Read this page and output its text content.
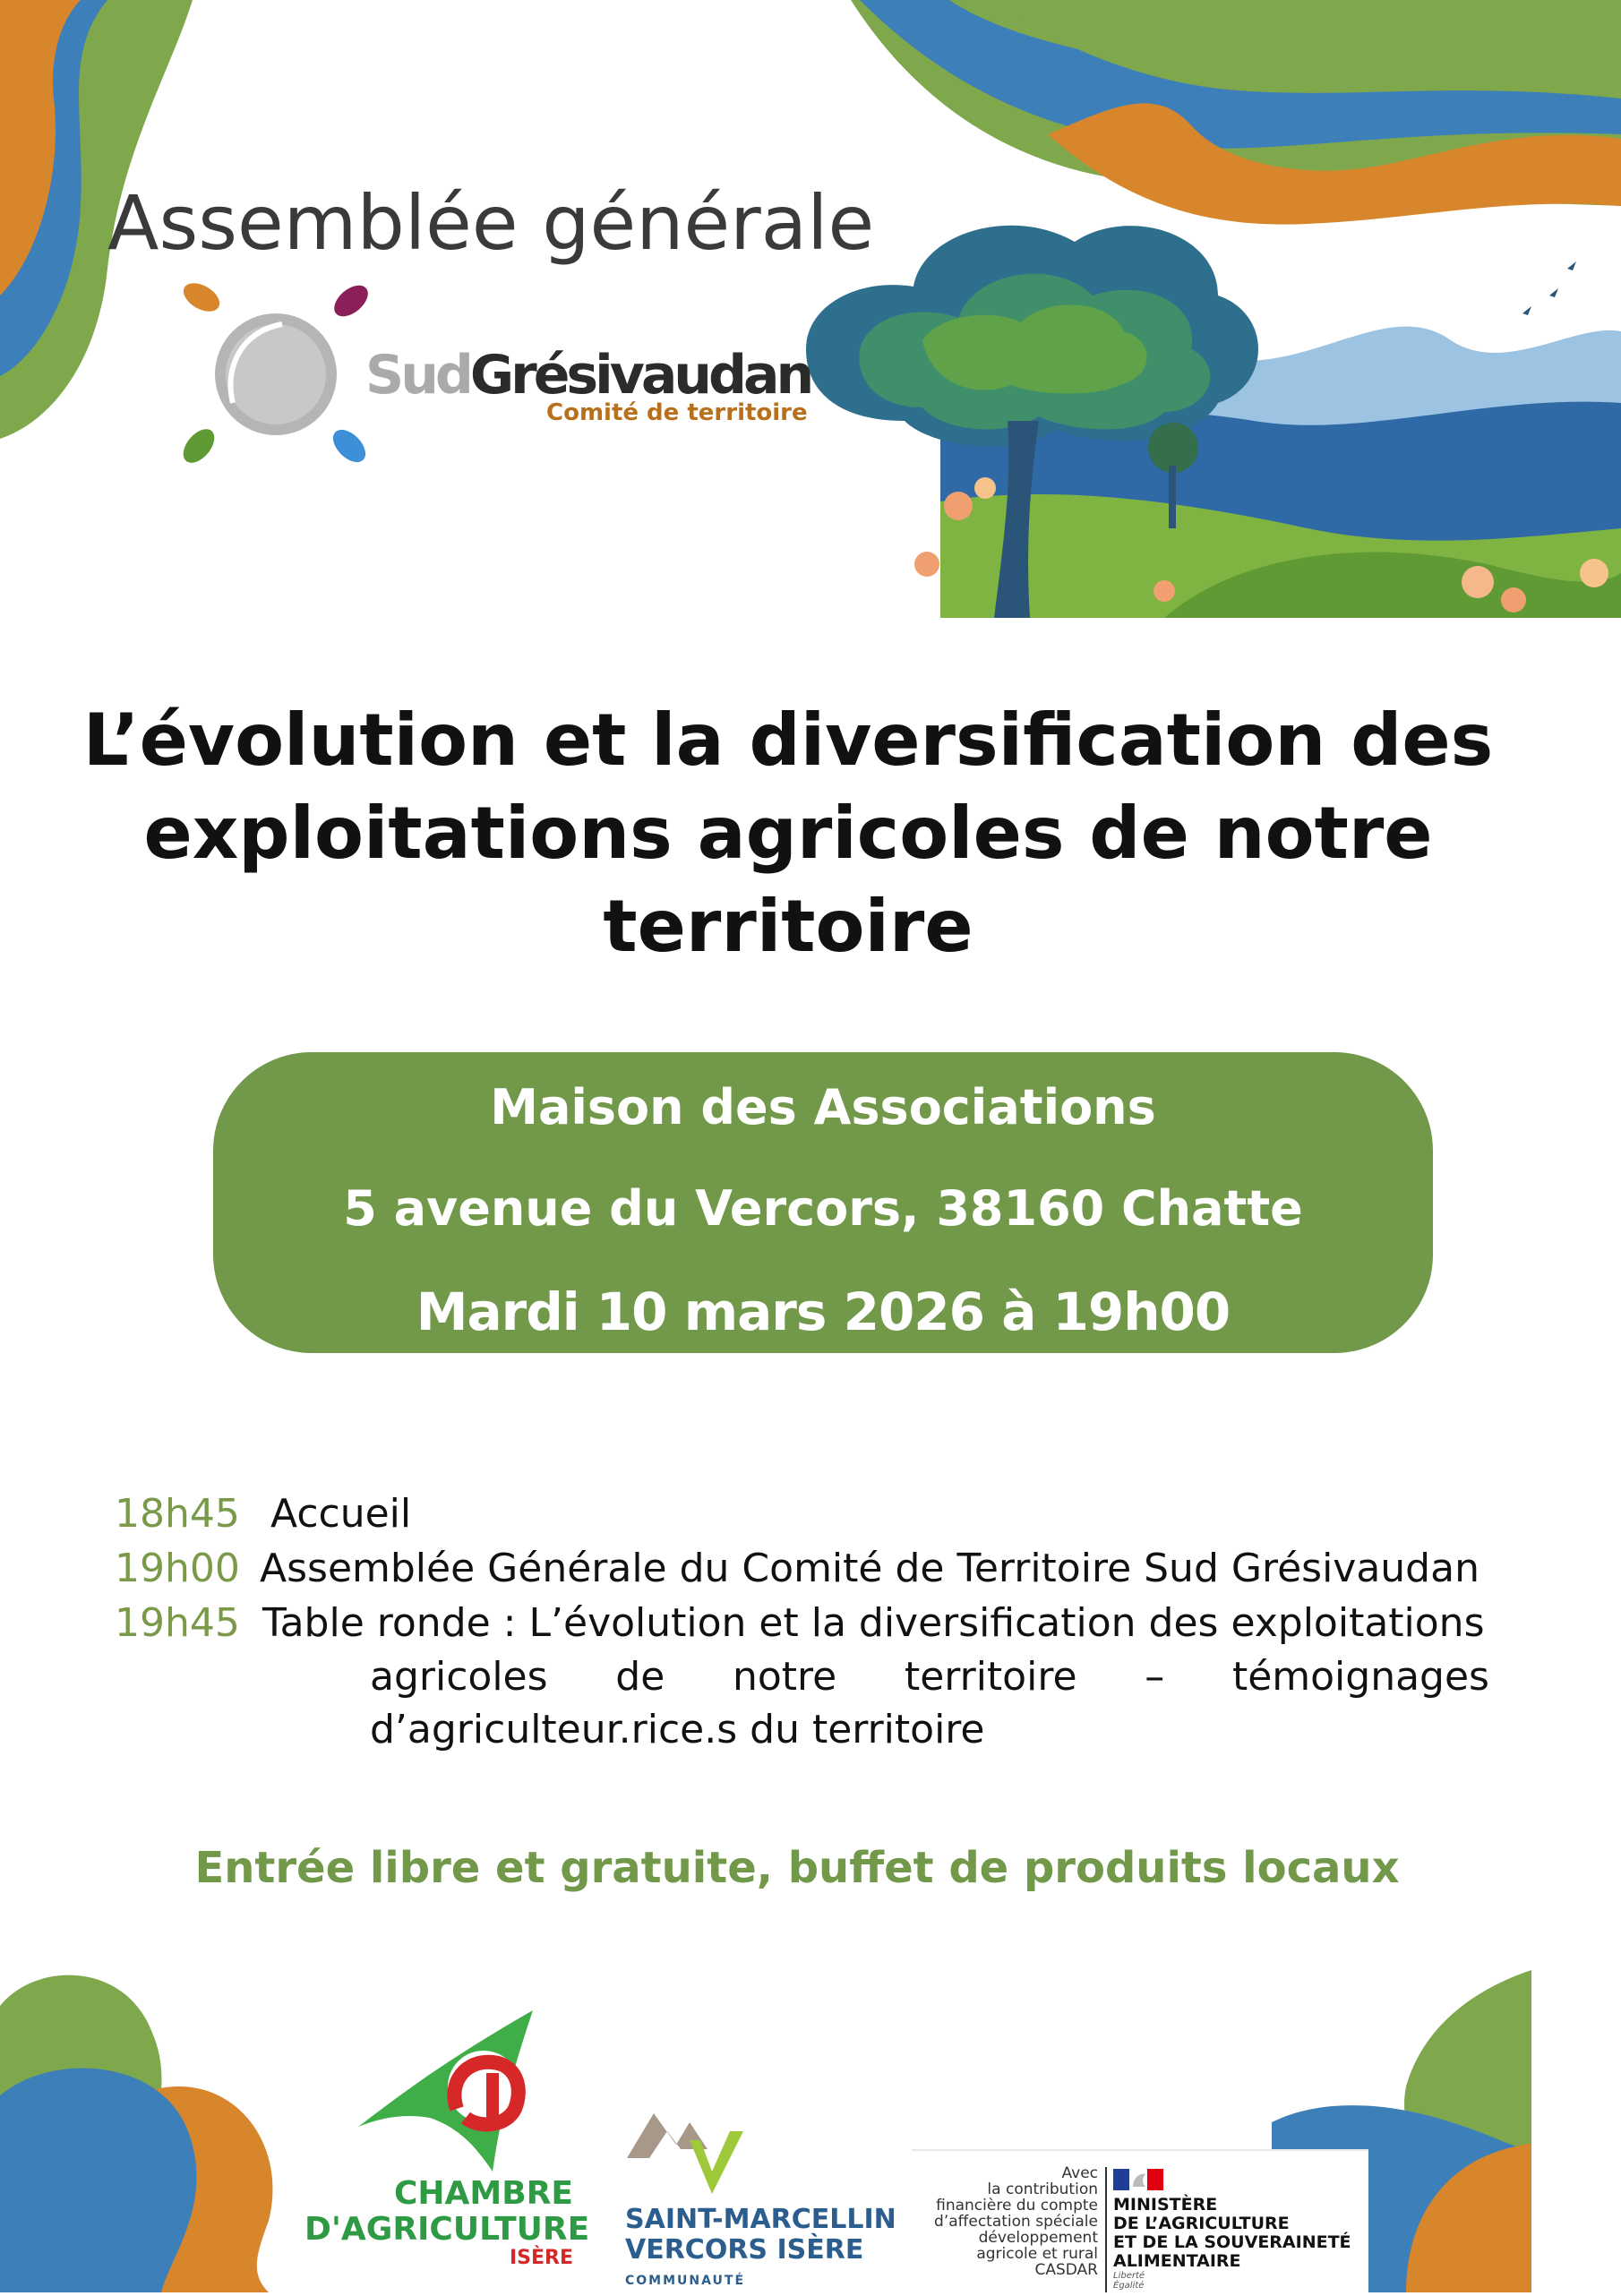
Assemblée générale
SudGrésivaudan
Comité de territoire
L’évolution et la diversification des
exploitations agricoles de notre
territoire
Maison des Associations
5 avenue du Vercors, 38160 Chatte
Mardi 10 mars 2026 à 19h00
18h45 Accueil
19h00 Assemblée Générale du Comité de Territoire Sud Grésivaudan
19h45 Table ronde : L’évolution et la diversification des exploitations
agricoles de notre territoire – témoignages
d’agriculteur.rice.s du territoire
Entrée libre et gratuite, buffet de produits locaux
CHAMBRE
D'AGRICULTURE
ISÈRE
SAINT-MARCELLIN
VERCORS ISÈRE
COMMUNAUTÉ
Avec
la contribution
financière du compte
d’affectation spéciale
développement
agricole et rural
CASDAR
MINISTÈRE
DE L’AGRICULTURE
ET DE LA SOUVERAINETÉ
ALIMENTAIRE
Liberté
Égalité
